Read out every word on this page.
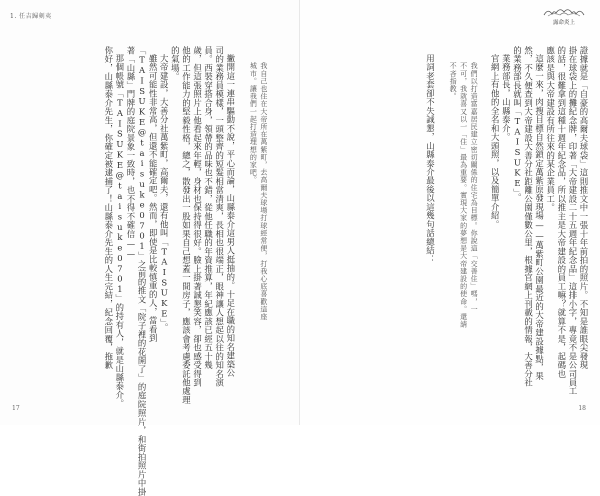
1. 任吉歸剣夷
我自己也住在大帝所在萬紫町，去高爾夫球場打球經常便，打我心底喜歡這座
城市。讓我們一起打造理想的家吧。
撇開這一連串驅動不說，平心而論，山縣泰介這男人挺抽的。十足在職的知名建築公
司的業務員模樣，一頭整齊的短髮相當清爽，長相也很端正，眼神讓人想起以往的知名演
員。西裝穿搭合身，領帶的品味也不錯，從他任職的年資推算，年紀應該已經五十幾
歲，但這張照片上他看起來年輕，身材也保持得很好。臉上掛著誠懇笑容，卻也感受得到
他的工作能力的堅毅性格，總之，散發出一股如果自己想蓋一間房子，應該會考慮委託他處理
的氣場。
大帝建設，大善分社萬紫町，高爾夫，還有他叫「TAISUKE」。
雖然可能性非常高，但還不能確定吧。然而，即使是比較慎重的人，當看到
「TAISUKE@taisuke0701」之前的推文「院子裡的花開了」的庭院照片，和街拍照片中掛
著「山縣」門牌的庭院景象一致時，也不得不確信——
那個帳號「TAISUKE@taisuke0701」的持有人，就是山縣泰介。
你好，山縣泰介先生，你確定被逮捕了！山縣泰介先生的人生完結，紀念回覆，拖歉
17
露命炎上
證據就是「自豪的高爾夫球袋」這則推文中一張十年前拍的照片。不知是誰眼尖發現
掛在球袋上的攤紀念牌，印著「大帝建設二十五週年紀念品」這排小字，專竟不是公司員工
的話，很難拿到這種十週年紀念品，所以推主是大帝建設的員工嘛？就算不是，起碼也
應該是與大帝建設有所往來的某企業員工。
這麼一來，肉搜目標自然鎖定萬紫原發現場——萬紫町公園最近的大帝建設據點，果
然，不久便查到大帝建設大善分社距離公園僅數公里，根據官網上刊載的情報，大善分社
的業務部長就叫「TAISUKE」。
業務部長，山縣泰介。
官網上有他的全名和大頭照，以及簡單介紹。
我們以打造富嘉居民建立密切關係的住宅為目標。你說這「交善住」嗎，一
不可，我就喜又以一「住」最為重要。實現大家的夢想是大帝建設的使命。還請
不吝指教。
用詞老套卻不失誠懇，山縣泰介最後以這幾句話總結：
18
